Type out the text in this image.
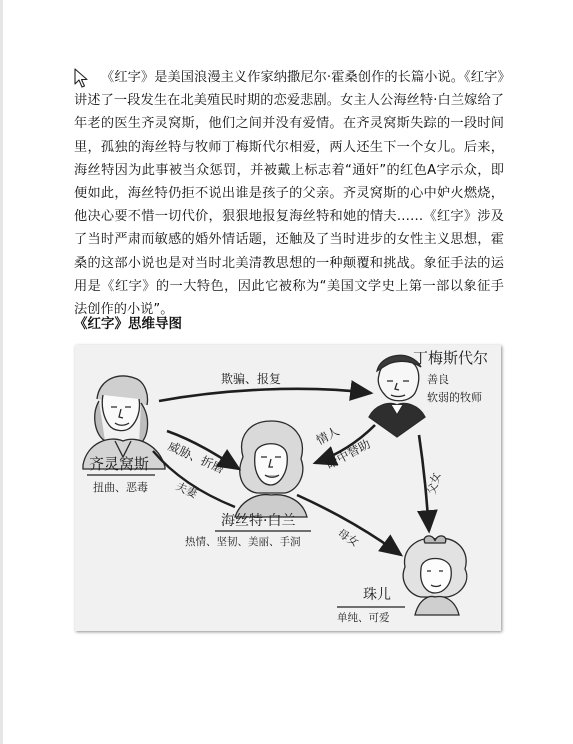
《红字》是美国浪漫主义作家纳撒尼尔·霍桑创作的长篇小说。《红字》讲述了一段发生在北美殖民时期的恋爱悲剧。女主人公海丝特·白兰嫁给了年老的医生齐灵窝斯，他们之间并没有爱情。在齐灵窝斯失踪的一段时间里，孤独的海丝特与牧师丁梅斯代尔相爱，两人还生下一个女儿。后来，海丝特因为此事被当众惩罚，并被戴上标志着“通奸”的红色A字示众，即便如此，海丝特仍拒不说出谁是孩子的父亲。齐灵窝斯的心中妒火燃烧，他决心要不惜一切代价，狠狠地报复海丝特和她的情夫……《红字》涉及了当时严肃而敏感的婚外情话题，还触及了当时进步的女性主义思想，霍桑的这部小说也是对当时北美清教思想的一种颠覆和挑战。象征手法的运用是《红字》的一大特色，因此它被称为“美国文学史上第一部以象征手法创作的小说”。
《红字》思维导图
齐灵窝斯
扭曲、恶毒
丁梅斯代尔
善良
软弱的牧师
海丝特·白兰
热情、坚韧、美丽、手洞
珠儿
单纯、可爱
欺骗、报复
威胁、折磨
夫妻
情人
暗中替助
父女
母女
